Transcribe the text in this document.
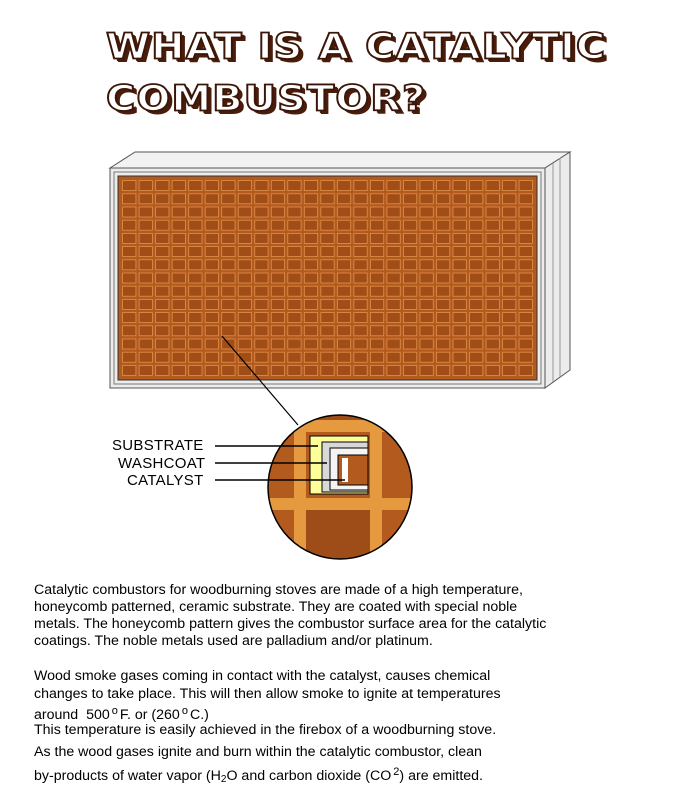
WHAT IS A CATALYTIC
COMBUSTOR?
SUBSTRATE
WASHCOAT
CATALYST
Catalytic combustors for woodburning stoves are made of a high temperature,
honeycomb patterned, ceramic substrate. They are coated with special noble
metals. The honeycomb pattern gives the combustor surface area for the catalytic
coatings. The noble metals used are palladium and/or platinum.
Wood smoke gases coming in contact with the catalyst, causes chemical
changes to take place. This will then allow smoke to ignite at temperatures
around 500 $^o$ F. or (260 $^o$ C.)
This temperature is easily achieved in the firebox of a woodburning stove.
As the wood gases ignite and burn within the catalytic combustor, clean
by-products of water vapor ($H_2O$ and carbon dioxide (CO $^2$) are emitted.
